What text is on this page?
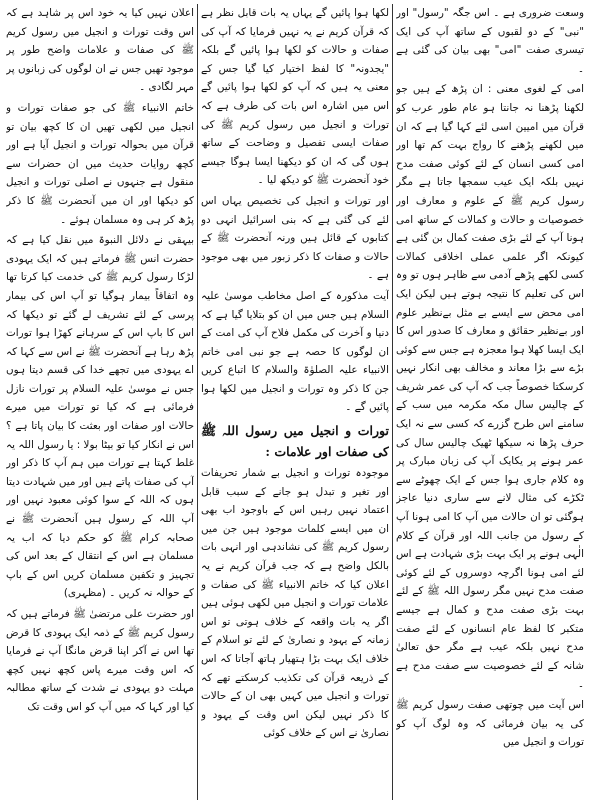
وسعت ضروری ہے ۔ اس جگہ "رسول" اور "نبی" کے دو لقبوں کے ساتھ آپ کی ایک تیسری صفت "امی" بھی بیان کی گئی ہے ۔

امی کے لغوی معنی : ان پڑھ کے ہیں جو لکھنا پڑھنا نہ جانتا ہو عام طور عرب کو قرآن میں امیین اسی لئے کہا گیا ہے کہ ان میں لکھنے پڑھنے کا رواج بہت کم تھا اور امی کسی انسان کے لئے کوئی صفت مدح نہیں بلکہ ایک عیب سمجھا جاتا ہے مگر رسول کریم ﷺ کے علوم و معارف اور خصوصیات و حالات و کمالات کے ساتھ امی ہونا آپ کے لئے بڑی صفت کمال بن گئی ہے کیونکہ اگر علمی عملی اخلاقی کمالات کسی لکھے پڑھے آدمی سے ظاہر ہوں تو وہ اس کی تعلیم کا نتیجہ ہوتے ہیں لیکن ایک امی محض سے ایسے بے مثل بےنظیر علوم اور بےنظیر حقائق و معارف کا صدور اس کا ایک ایسا کھلا ہوا معجزہ ہے جس سے کوئی بڑے سے بڑا معاند و مخالف بھی انکار نہیں کرسکتا خصوصاً جب کہ آپ کی عمر شریف کے چالیس سال مکہ مکرمہ میں سب کے سامنے اس طرح گزرے کہ کسی سے نہ ایک حرف پڑھا نہ سیکھا ٹھیک چالیس سال کی عمر ہونے پر یکایک آپ کی زبان مبارک پر وہ کلام جاری ہوا جس کے ایک چھوٹے سے ٹکڑے کی مثال لانے سے ساری دنیا عاجز ہوگئی تو ان حالات میں آپ کا امی ہونا آپ کے رسول من جانب اللہ اور قرآن کے کلام الٰہی ہونے پر ایک بہت بڑی شہادت ہے اس لئے امی ہونا اگرچہ دوسروں کے لئے کوئی صفت مدح نہیں مگر رسول اللہ ﷺ کے لئے بہت بڑی صفت مدح و کمال ہے جیسے متکبر کا لفظ عام انسانوں کے لئے صفت مدح نہیں بلکہ عیب ہے مگر حق تعالیٰ شانہ کے لئے خصوصیت سے صفت مدح ہے ۔

اس آیت میں چوتھی صفت رسول کریم ﷺ کی یہ بیان فرمائی کہ وہ لوگ آپ کو تورات و انجیل میں

لکھا ہوا پائیں گے یہاں یہ بات قابل نظر ہے کہ قرآن کریم نے یہ نہیں فرمایا کہ آپ کی صفات و حالات کو لکھا ہوا پائیں گے بلکہ "یجدونہ" کا لفظ اختیار کیا گیا جس کے معنی یہ ہیں کہ آپ کو لکھا ہوا پائیں گے اس میں اشارہ اس بات کی طرف ہے کہ تورات و انجیل میں رسول کریم ﷺ کی صفات ایسی تفصیل و وضاحت کے ساتھ ہوں گی کہ ان کو دیکھنا ایسا ہوگا جیسے خود آنحضرت ﷺ کو دیکھ لیا ۔

اور تورات و انجیل کی تخصیص یہاں اس لئے کی گئی ہے کہ بنی اسرائیل انہی دو کتابوں کے قائل ہیں ورنہ آنحضرت ﷺ کے حالات و صفات کا ذکر زبور میں بھی موجود ہے ۔

آیت مذکورہ کے اصل مخاطب موسیٰ علیہ السلام ہیں جس میں ان کو بتلایا گیا ہے کہ دنیا و آخرت کی مکمل فلاح آپ کی امت کے ان لوگوں کا حصہ ہے جو نبی امی خاتم الانبیاء علیہ الصلوٰۃ والسلام کا اتباع کریں جن کا ذکر وہ تورات و انجیل میں لکھا ہوا پائیں گے ۔

تورات و انجیل میں رسول اللہ ﷺ کی صفات اور علامات :

موجودہ تورات و انجیل بے شمار تحریفات اور تغیر و تبدل ہو جانے کے سبب قابل اعتماد نہیں رہیں اس کے باوجود اب بھی ان میں ایسے کلمات موجود ہیں جن میں رسول کریم ﷺ کی نشاندہی اور انہی بات بالکل واضح ہے کہ جب قرآن کریم نے یہ اعلان کیا کہ خاتم الانبیاء ﷺ کی صفات و علامات تورات و انجیل میں لکھی ہوئی ہیں اگر یہ بات واقعہ کے خلاف ہوتی تو اس زمانہ کے یہود و نصاریٰ کے لئے تو اسلام کے خلاف ایک بہت بڑا ہتھیار ہاتھ آجاتا کہ اس کے ذریعہ قرآن کی تکذیب کرسکتے تھے کہ تورات و انجیل میں کہیں بھی ان کے حالات کا ذکر نہیں لیکن اس وقت کے یہود و نصاریٰ نے اس کے خلاف کوئی

اعلان نہیں کیا یہ خود اس پر شاہد ہے کہ اس وقت تورات و انجیل میں رسول کریم ﷺ کی صفات و علامات واضح طور پر موجود تھیں جس نے ان لوگوں کی زبانوں پر مہر لگادی ۔

خاتم الانبیاء ﷺ کی جو صفات تورات و انجیل میں لکھی تھیں ان کا کچھ بیان تو قرآن میں بحوالہ تورات و انجیل آیا ہے اور کچھ روایات حدیث میں ان حضرات سے منقول ہے جنہوں نے اصلی تورات و انجیل کو دیکھا اور ان میں آنحضرت ﷺ کا ذکر پڑھ کر ہی وہ مسلمان ہوئے ۔

بیہقی نے دلائل النبوۃ میں نقل کیا ہے کہ حضرت انس ﷺ فرماتے ہیں کہ ایک یہودی لڑکا رسول کریم ﷺ کی خدمت کیا کرتا تھا وہ اتفاقاً بیمار ہوگیا تو آپ اس کی بیمار پرسی کے لئے تشریف لے گئے تو دیکھا کہ اس کا باپ اس کے سرہانے کھڑا ہوا تورات پڑھ رہا ہے آنحضرت ﷺ نے اس سے کہا کہ اے یہودی میں تجھے خدا کی قسم دیتا ہوں جس نے موسیٰ علیہ السلام پر تورات نازل فرمائی ہے کہ کیا تو تورات میں میرے حالات اور صفات اور بعثت کا بیان پاتا ہے ؟ اس نے انکار کیا تو بیٹا بولا : یا رسول اللہ یہ غلط کہتا ہے تورات میں ہم آپ کا ذکر اور آپ کی صفات پاتے ہیں اور میں شہادت دیتا ہوں کہ اللہ کے سوا کوئی معبود نہیں اور آپ اللہ کے رسول ہیں آنحضرت ﷺ نے صحابہ کرام ﷺ کو حکم دیا کہ اب یہ مسلمان ہے اس کے انتقال کے بعد اس کی تجہیز و تکفین مسلمان کریں اس کے باپ کے حوالہ نہ کریں ۔ (مظہری)

اور حضرت علی مرتضیٰ ﷺ فرماتے ہیں کہ رسول کریم ﷺ کے ذمہ ایک یہودی کا قرض تھا اس نے آکر اپنا قرض مانگا آپ نے فرمایا کہ اس وقت میرے پاس کچھ نہیں کچھ مہلت دو یہودی نے شدت کے ساتھ مطالبہ کیا اور کہا کہ میں آپ کو اس وقت تک
